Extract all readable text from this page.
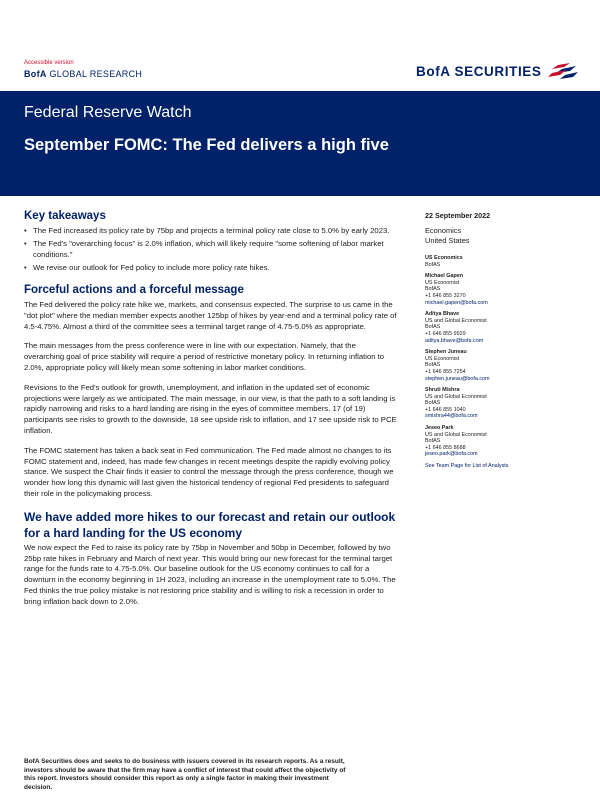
Accessible version
BofA GLOBAL RESEARCH	BofA SECURITIES
Federal Reserve Watch
September FOMC: The Fed delivers a high five
Key takeaways
• The Fed increased its policy rate by 75bp and projects a terminal policy rate close to 5.0% by early 2023.
• The Fed's "overarching focus" is 2.0% inflation, which will likely require "some softening of labor market conditions."
• We revise our outlook for Fed policy to include more policy rate hikes.
Forceful actions and a forceful message

The Fed delivered the policy rate hike we, markets, and consensus expected. The surprise to us came in the "dot plot" where the median member expects another 125bp of hikes by year-end and a terminal policy rate of 4.5-4.75%. Almost a third of the committee sees a terminal target range of 4.75-5.0% as appropriate.

The main messages from the press conference were in line with our expectation. Namely, that the overarching goal of price stability will require a period of restrictive monetary policy. In returning inflation to 2.0%, appropriate policy will likely mean some softening in labor market conditions.

Revisions to the Fed's outlook for growth, unemployment, and inflation in the updated set of economic projections were largely as we anticipated. The main message, in our view, is that the path to a soft landing is rapidly narrowing and risks to a hard landing are rising in the eyes of committee members. 17 (of 19) participants see risks to growth to the downside, 18 see upside risk to inflation, and 17 see upside risk to PCE inflation.

The FOMC statement has taken a back seat in Fed communication. The Fed made almost no changes to its FOMC statement and, indeed, has made few changes in recent meetings despite the rapidly evolving policy stance. We suspect the Chair finds it easier to control the message through the press conference, though we wonder how long this dynamic will last given the historical tendency of regional Fed presidents to safeguard their role in the policymaking process.

We have added more hikes to our forecast and retain our outlook for a hard landing for the US economy

We now expect the Fed to raise its policy rate by 75bp in November and 50bp in December, followed by two 25bp rate hikes in February and March of next year. This would bring our new forecast for the terminal target range for the funds rate to 4.75-5.0%. Our baseline outlook for the US economy continues to call for a downturn in the economy beginning in 1H 2023, including an increase in the unemployment rate to 5.0%. The Fed thinks the true policy mistake is not restoring price stability and is willing to risk a recession in order to bring inflation back down to 2.0%.

22 September 2022
Economics
United States
US Economics
BofAS
Michael Gapen
US Economist
BofAS
+1 646 855 3270
michael.gapen@bofa.com
Aditya Bhave
US and Global Economist
BofAS
+1 646 855 9929
aditya.bhave@bofa.com
Stephen Juneau
US Economist
BofAS
+1 646 855 7254
stephen.juneau@bofa.com
Shruti Mishra
US and Global Economist
BofAS
+1 646 855 1040
smishra44@bofa.com
Jeseo Park
US and Global Economist
BofAS
+1 646 855 8688
jeseo.park@bofa.com
See Team Page for List of Analysts
BofA Securities does and seeks to do business with issuers covered in its research reports. As a result, investors should be aware that the firm may have a conflict of interest that could affect the objectivity of this report. Investors should consider this report as only a single factor in making their investment decision.
